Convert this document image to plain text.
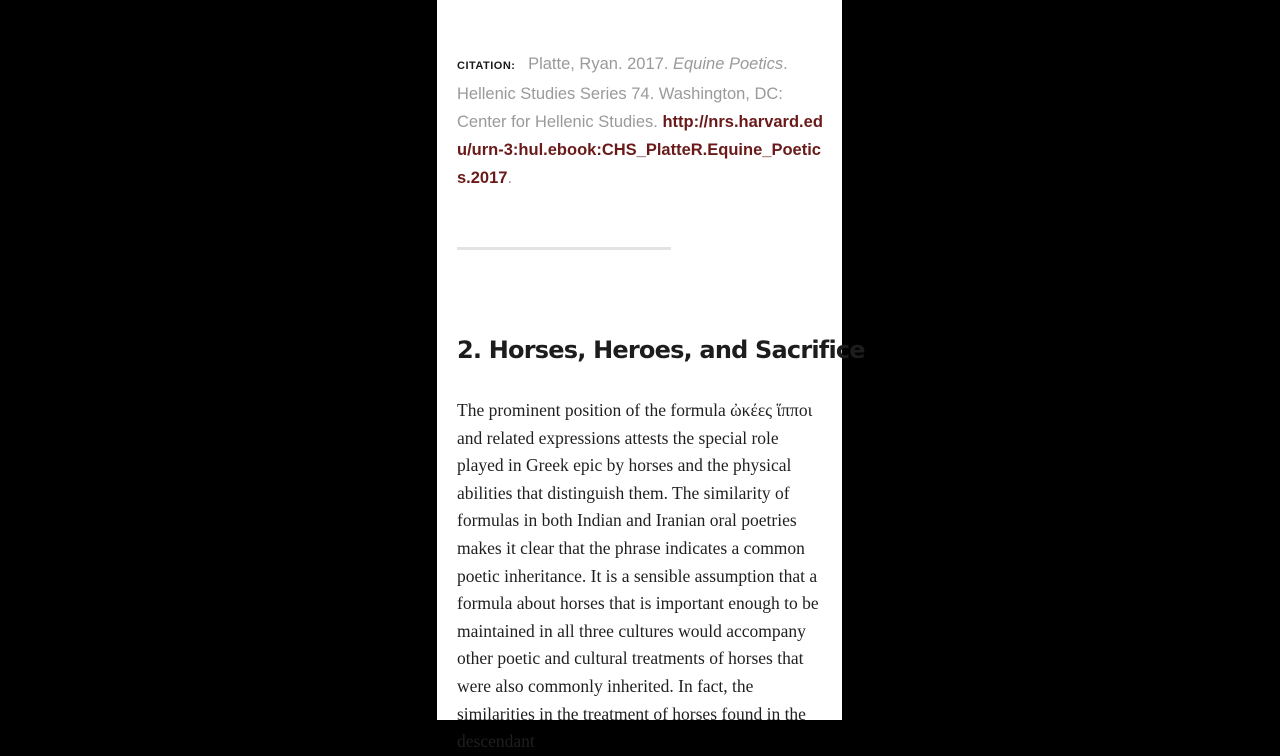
CITATION: Platte, Ryan. 2017. Equine Poetics. Hellenic Studies Series 74. Washington, DC: Center for Hellenic Studies. http://nrs.harvard.edu/urn-3:hul.ebook:CHS_PlatteR.Equine_Poetics.2017.
2. Horses, Heroes, and Sacrifice

The prominent position of the formula ὠκέες ἵπποι and related expressions attests the special role played in Greek epic by horses and the physical abilities that distinguish them. The similarity of formulas in both Indian and Iranian oral poetries makes it clear that the phrase indicates a common poetic inheritance. It is a sensible assumption that a formula about horses that is important enough to be maintained in all three cultures would accompany other poetic and cultural treatments of horses that were also commonly inherited. In fact, the similarities in the treatment of horses found in the descendant
